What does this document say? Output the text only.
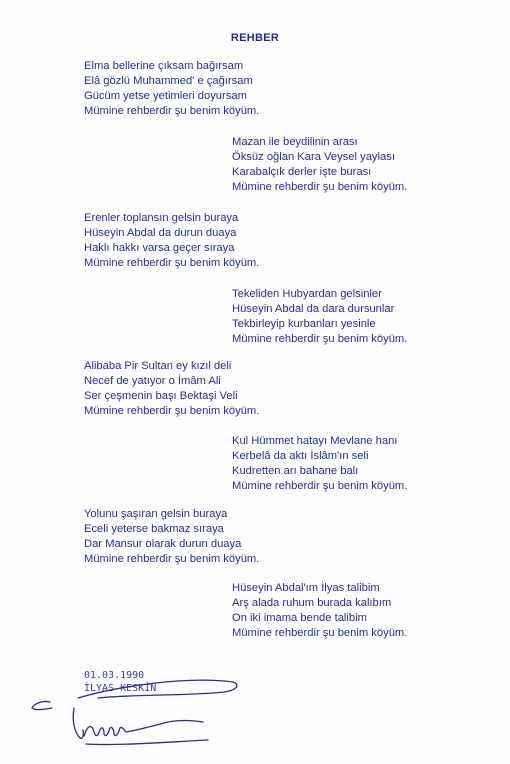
REHBER
Elma bellerine çıksam bağırsam
Elâ gözlü Muhammed' e çağırsam
Gücüm yetse yetimleri doyursam
Mümine rehberdir şu benim köyüm.
Mazan ile beydilinin arası
Öksüz oğlan Kara Veysel yaylası
Karabalçık derler işte burası
Mümine rehberdir şu benim köyüm.
Erenler toplansın gelsin buraya
Hüseyin Abdal da durun duaya
Haklı hakkı varsa geçer sıraya
Mümine rehberdir şu benim köyüm.
Tekeliden Hubyardan gelsinler
Hüseyin Abdal da dara dursunlar
Tekbirleyip kurbanları yesinle
Mümine rehberdir şu benim köyüm.
Alibaba Pir Sultan ey kızıl deli
Necef de yatıyor o İmâm Ali
Ser çeşmenin başı Bektaşi Veli
Mümine rehberdir şu benim köyüm.
Kul Hümmet hatayı Mevlane hanı
Kerbelâ da aktı İslâm'ın seli
Kudretten arı bahane balı
Mümine rehberdir şu benim köyüm.
Yolunu şaşıran gelsin buraya
Eceli yeterse bakmaz sıraya
Dar Mansur olarak durun duaya
Mümine rehberdir şu benim köyüm.
Hüseyin Abdal'ım İlyas talibim
Arş alada ruhum burada kalıbım
On iki imama bende talibim
Mümine rehberdir şu benim köyüm.
01.03.1990
İLYAS KESKİN
